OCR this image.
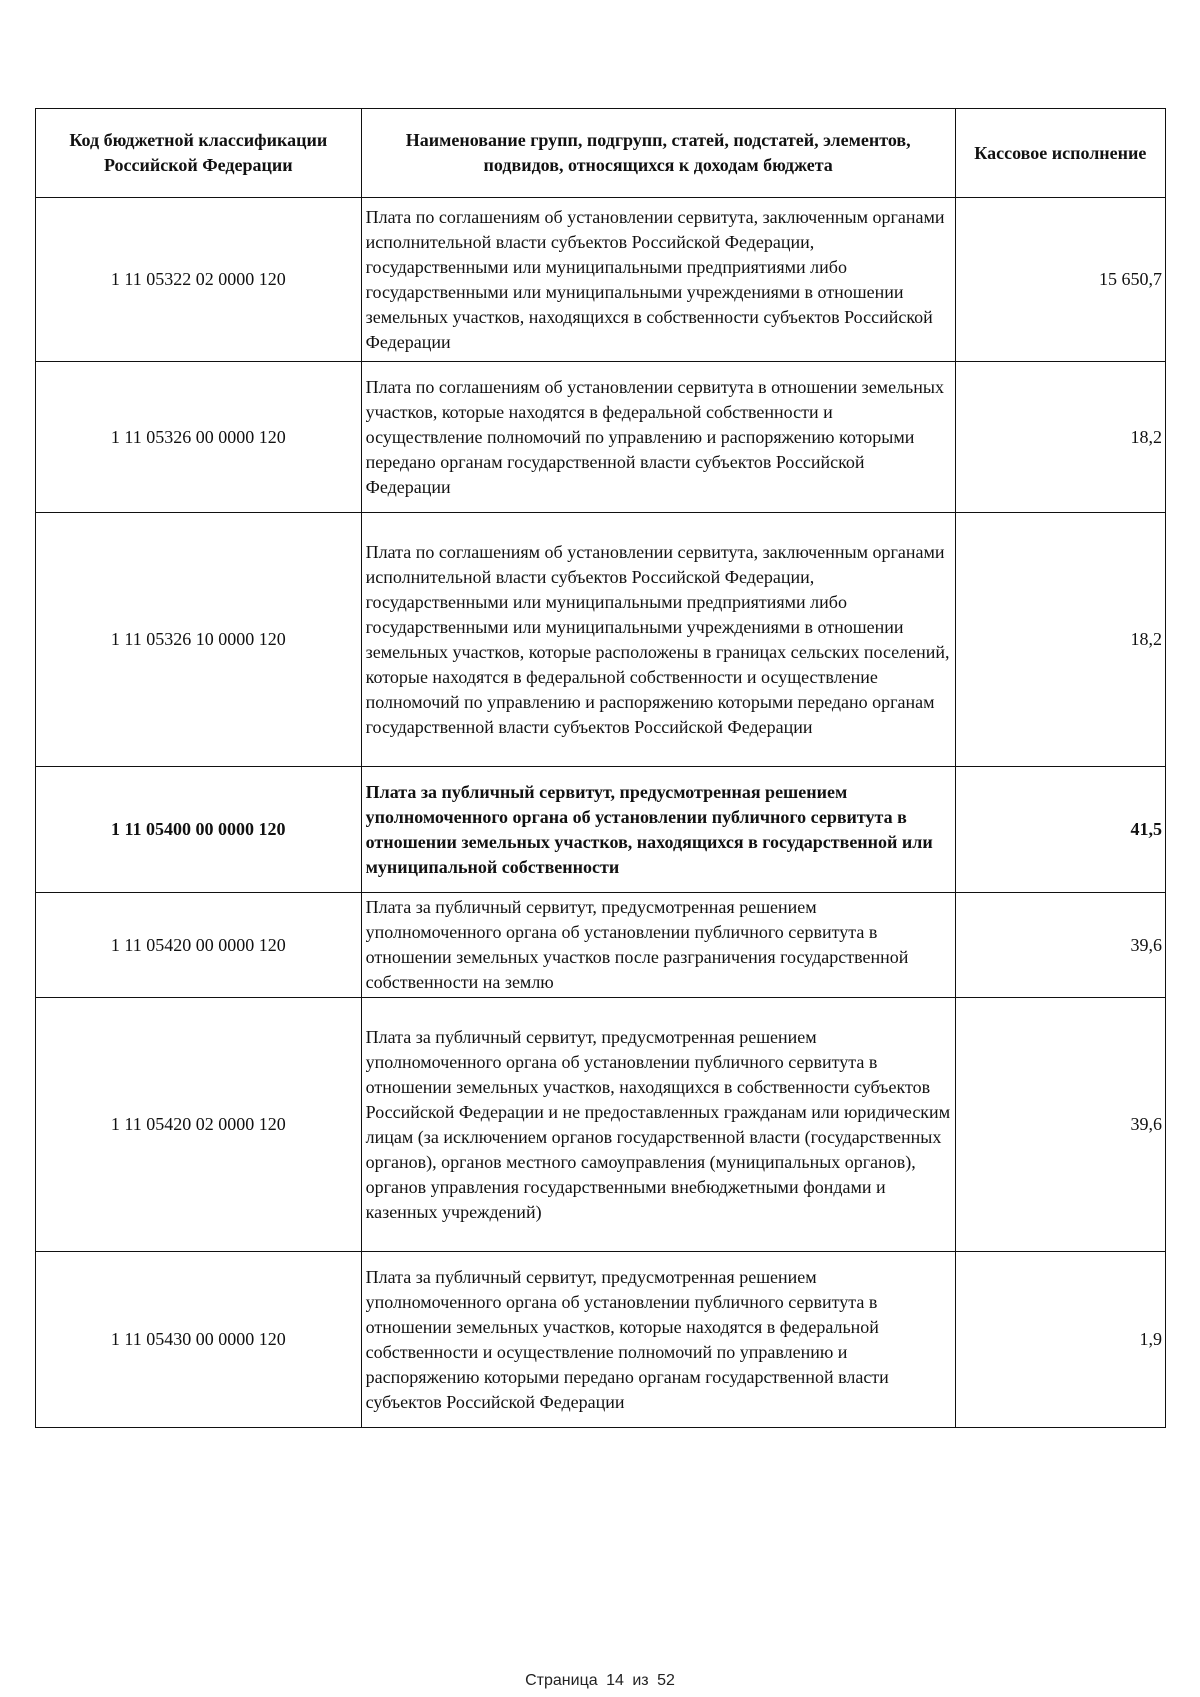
Код бюджетной классификации Российской Федерации	Наименование групп, подгрупп, статей, подстатей, элементов, подвидов, относящихся к доходам бюджета	Кассовое исполнение
1 11 05322 02 0000 120	Плата по соглашениям об установлении сервитута, заключенным органами исполнительной власти субъектов Российской Федерации, государственными или муниципальными предприятиями либо государственными или муниципальными учреждениями в отношении земельных участков, находящихся в собственности субъектов Российской Федерации	15 650,7
1 11 05326 00 0000 120	Плата по соглашениям об установлении сервитута в отношении земельных участков, которые находятся в федеральной собственности и осуществление полномочий по управлению и распоряжению которыми передано органам государственной власти субъектов Российской Федерации	18,2
1 11 05326 10 0000 120	Плата по соглашениям об установлении сервитута, заключенным органами исполнительной власти субъектов Российской Федерации, государственными или муниципальными предприятиями либо государственными или муниципальными учреждениями в отношении земельных участков, которые расположены в границах сельских поселений, которые находятся в федеральной собственности и осуществление полномочий по управлению и распоряжению которыми передано органам государственной власти субъектов Российской Федерации	18,2
1 11 05400 00 0000 120	Плата за публичный сервитут, предусмотренная решением уполномоченного органа об установлении публичного сервитута в отношении земельных участков, находящихся в государственной или муниципальной собственности	41,5
1 11 05420 00 0000 120	Плата за публичный сервитут, предусмотренная решением уполномоченного органа об установлении публичного сервитута в отношении земельных участков после разграничения государственной собственности на землю	39,6
1 11 05420 02 0000 120	Плата за публичный сервитут, предусмотренная решением уполномоченного органа об установлении публичного сервитута в отношении земельных участков, находящихся в собственности субъектов Российской Федерации и не предоставленных гражданам или юридическим лицам (за исключением органов государственной власти (государственных органов), органов местного самоуправления (муниципальных органов), органов управления государственными внебюджетными фондами и казенных учреждений)	39,6
1 11 05430 00 0000 120	Плата за публичный сервитут, предусмотренная решением уполномоченного органа об установлении публичного сервитута в отношении земельных участков, которые находятся в федеральной собственности и осуществление полномочий по управлению и распоряжению которыми передано органам государственной власти субъектов Российской Федерации	1,9
Страница 14 из 52
